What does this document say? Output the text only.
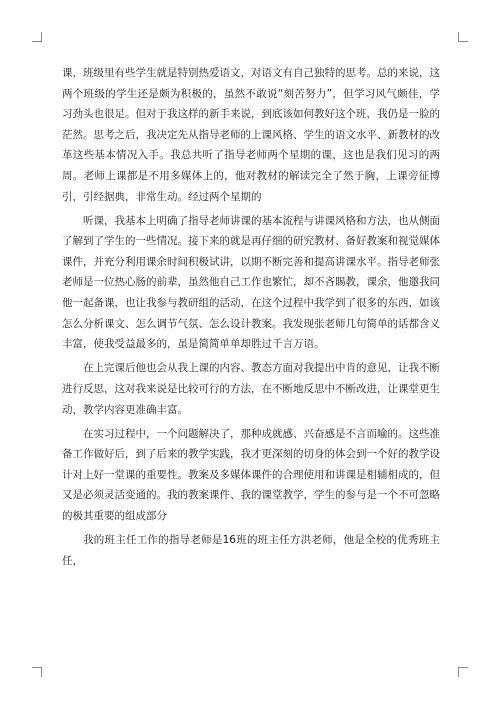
课，班级里有些学生就是特别热爱语文，对语文有自己独特的思考。总的来说，这两个班级的学生还是颇为积极的，虽然不敢说“刻苦努力”，但学习风气颇佳，学习劲头也很足。但对于我这样的新手来说，到底该如何教好这个班，我仍是一脸的茫然。思考之后，我决定先从指导老师的上课风格、学生的语文水平、新教材的改革这些基本情况入手。我总共听了指导老师两个星期的课，这也是我们见习的两周。老师上课都是不用多媒体上的，他对教材的解读完全了然于胸，上课旁征博引，引经据典，非常生动。经过两个星期的

听课，我基本上明确了指导老师讲课的基本流程与讲课风格和方法，也从侧面了解到了学生的一些情况。接下来的就是再仔细的研究教材、备好教案和视觉媒体课件，并充分利用课余时间积极试讲，以期不断完善和提高讲课水平。指导老师张老师是一位热心肠的前辈，虽然他自己工作也繁忙，却不吝賜教，课余，他邀我同他一起备课，也让我参与教研组的活动，在这个过程中我学到了很多的东西，如该怎么分析课文、怎么调节气氛、怎么设计教案。我发现张老师几句简单的话都含义丰富，使我受益最多的，虽是简简单单却胜过千言万语。

在上完课后他也会从我上课的内容、教态方面对我提出中肯的意见，让我不断进行反思，这对我来说是比较可行的方法，在不断地反思中不断改进，让课堂更生动，教学内容更准确丰富。

在实习过程中，一个问题解决了，那种成就感、兴奋感是不言而喻的。这些准备工作做好后，到了后来的教学实践，我才更深刻的切身的体会到一个好的教学设计对上好一堂课的重要性。教案及多媒体课件的合理使用和讲课是相辅相成的，但又是必须灵活变通的。我的教案课件、我的课堂教学，学生的参与是一个不可忽略的极其重要的组成部分

我的班主任工作的指导老师是16班的班主任方洪老师，他是全校的优秀班主任，
